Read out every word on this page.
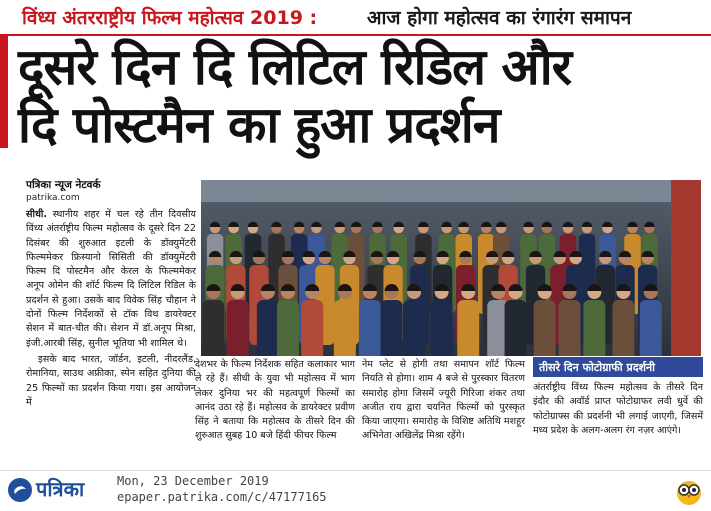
विंध्य अंतरराष्ट्रीय फिल्म महोत्सव 2019 :	आज होगा महोत्सव का रंगारंग समापन
दूसरे दिन दि लिटिल रिडिल और
दि पोस्टमैन का हुआ प्रदर्शन
पत्रिका न्यूज नेटवर्क
patrika.com

सीधी. स्थानीय शहर में चल रहे तीन दिवसीय विंध्य अंतर्राष्ट्रीय फिल्म महोत्सव के दूसरे दिन 22 दिसंबर की शुरुआत इटली के डॉक्युमेंटरी फिल्ममेकर फ्रिस्यानो सिसिती की डॉक्युमेंटरी फिल्म दि पोस्टमैन और केरल के फिल्ममेकर अनूप ओमेन की शॉर्ट फिल्म दि लिटिल रिडिल के प्रदर्शन से हुआ। उसके बाद विवेक सिंह चौहान ने दोनों फिल्म निर्देशकों से टॉक विथ डायरेक्टर सेशन में बात-चीत की। सेशन में डॉ.अनूप मिश्रा, इंजी.आरबी सिंह, सुनील भूतिया भी शामिल थे।

इसके बाद भारत, जॉर्डन, इटली, नीदरलैंड, रोमानिया, साउथ अफ्रीका, स्पेन सहित दुनिया की 25 फिल्मों का प्रदर्शन किया गया। इस आयोजन में

देशभर के फिल्म निर्देशक सहित कलाकार भाग ले रहे हैं। सीधी के युवा भी महोत्सव में भाग लेकर दुनिया भर की महत्वपूर्ण फिल्मों का आनंद उठा रहे हैं। महोत्सव के डायरेक्टर प्रवीण सिंह ने बताया कि महोत्सव के तीसरे दिन की शुरुआत सुबह 10 बजे हिंदी फीचर फिल्म
नेम प्लेट से होगी तथा समापन शॉर्ट फिल्म नियति से होगा। शाम 4 बजे से पुरस्कार वितरण समारोह होगा जिसमें ज्यूरी गिरिजा शंकर तथा अजीत राय द्वारा चयनित फिल्मों को पुरस्कृत किया जाएगा। समारोह के विशिष्ट अतिथि मशहूर अभिनेता अखिलेंद्र मिश्रा रहेंगे।
तीसरे दिन फोटोग्राफी प्रदर्शनी
अंतर्राष्ट्रीय विंध्य फिल्म महोत्सव के तीसरे दिन इंदौर की अवॉर्ड प्राप्त फोटोग्राफर लवी धुर्वे की फोटोग्राफ्स की प्रदर्शनी भी लगाई जाएगी, जिसमें मध्य प्रदेश के अलग-अलग रंग नज़र आएंगे।
पत्रिका	Mon, 23 December 2019
epaper.patrika.com/c/47177165
